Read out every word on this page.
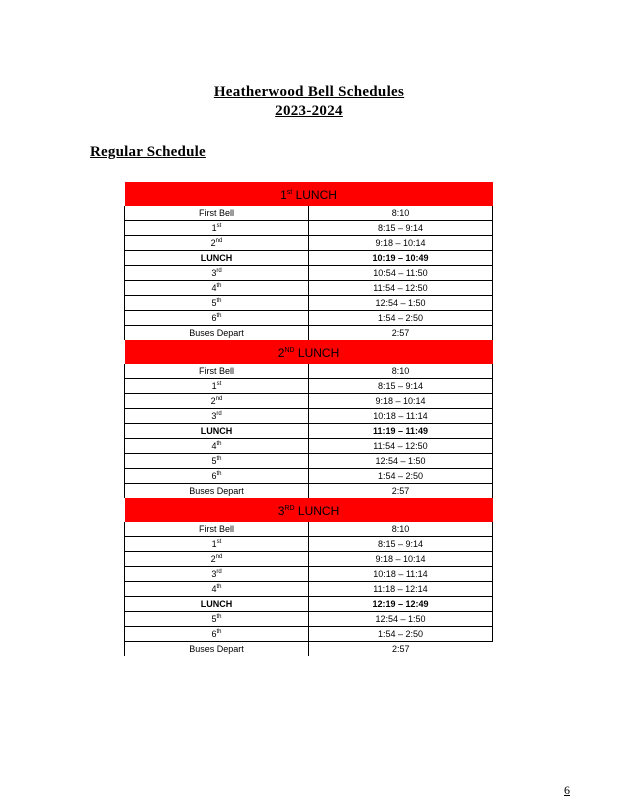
Heatherwood Bell Schedules
2023-2024
Regular Schedule
1st LUNCH	
First Bell	8:10
1st	8:15 – 9:14
2nd	9:18 – 10:14
LUNCH	10:19 – 10:49
3rd	10:54 – 11:50
4th	11:54 – 12:50
5th	12:54 – 1:50
6th	1:54 – 2:50
Buses Depart	2:57
2ND LUNCH	
First Bell	8:10
1st	8:15 – 9:14
2nd	9:18 – 10:14
3rd	10:18 – 11:14
LUNCH	11:19 – 11:49
4th	11:54 – 12:50
5th	12:54 – 1:50
6th	1:54 – 2:50
Buses Depart	2:57
3RD LUNCH	
First Bell	8:10
1st	8:15 – 9:14
2nd	9:18 – 10:14
3rd	10:18 – 11:14
4th	11:18 – 12:14
LUNCH	12:19 – 12:49
5th	12:54 – 1:50
6th	1:54 – 2:50
Buses Depart	2:57
6
